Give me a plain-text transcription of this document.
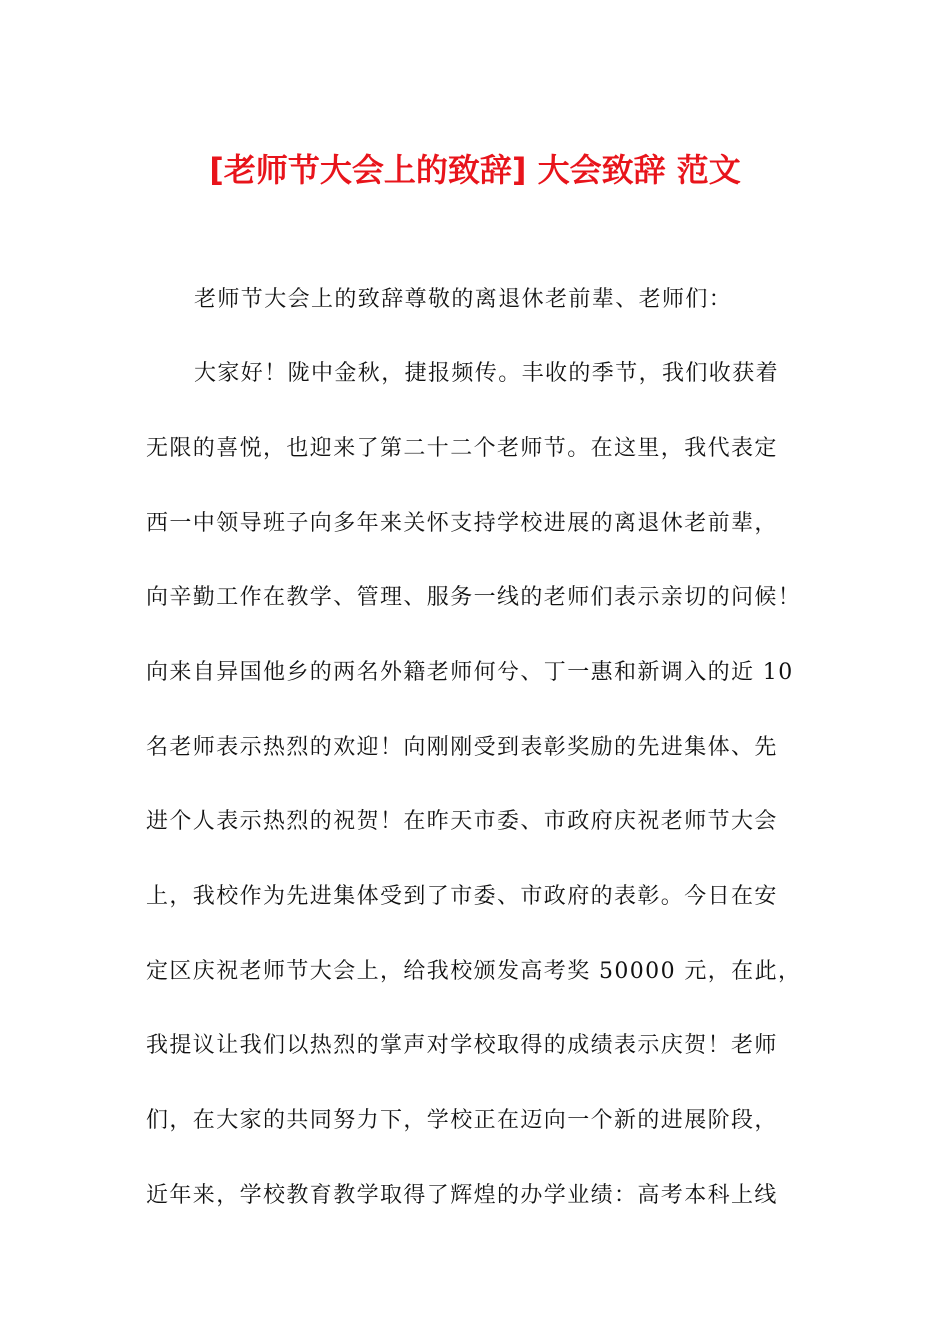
[老师节大会上的致辞] 大会致辞 范文

老师节大会上的致辞尊敬的离退休老前辈、老师们：

大家好！陇中金秋，捷报频传。丰收的季节，我们收获着

无限的喜悦，也迎来了第二十二个老师节。在这里，我代表定

西一中领导班子向多年来关怀支持学校进展的离退休老前辈，

向辛勤工作在教学、管理、服务一线的老师们表示亲切的问候！

向来自异国他乡的两名外籍老师何兮、丁一惠和新调入的近 10

名老师表示热烈的欢迎！向刚刚受到表彰奖励的先进集体、先

进个人表示热烈的祝贺！在昨天市委、市政府庆祝老师节大会

上，我校作为先进集体受到了市委、市政府的表彰。今日在安

定区庆祝老师节大会上，给我校颁发高考奖 50000 元，在此，

我提议让我们以热烈的掌声对学校取得的成绩表示庆贺！老师

们，在大家的共同努力下，学校正在迈向一个新的进展阶段，

近年来，学校教育教学取得了辉煌的办学业绩：高考本科上线
